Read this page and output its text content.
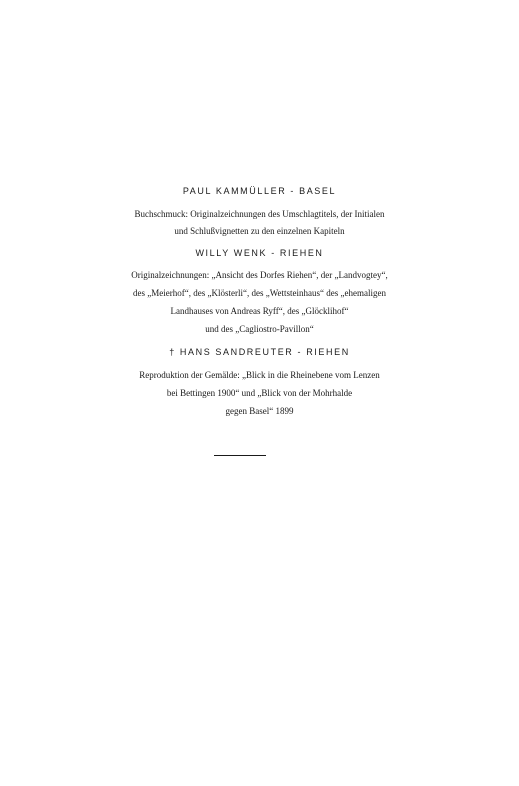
PAUL KAMMÜLLER - BASEL
Buchschmuck: Originalzeichnungen des Umschlagtitels, der Initialen
und Schlußvignetten zu den einzelnen Kapiteln
WILLY WENK - RIEHEN
Originalzeichnungen: „Ansicht des Dorfes Riehen“, der „Landvogtey“,
des „Meierhof“, des „Klösterli“, des „Wettsteinhaus“ des „ehemaligen
Landhauses von Andreas Ryff“, des „Glöcklihof“
und des „Cagliostro-Pavillon“
† HANS SANDREUTER - RIEHEN
Reproduktion der Gemälde: „Blick in die Rheinebene vom Lenzen
bei Bettingen 1900“ und „Blick von der Mohrhalde
gegen Basel“ 1899
